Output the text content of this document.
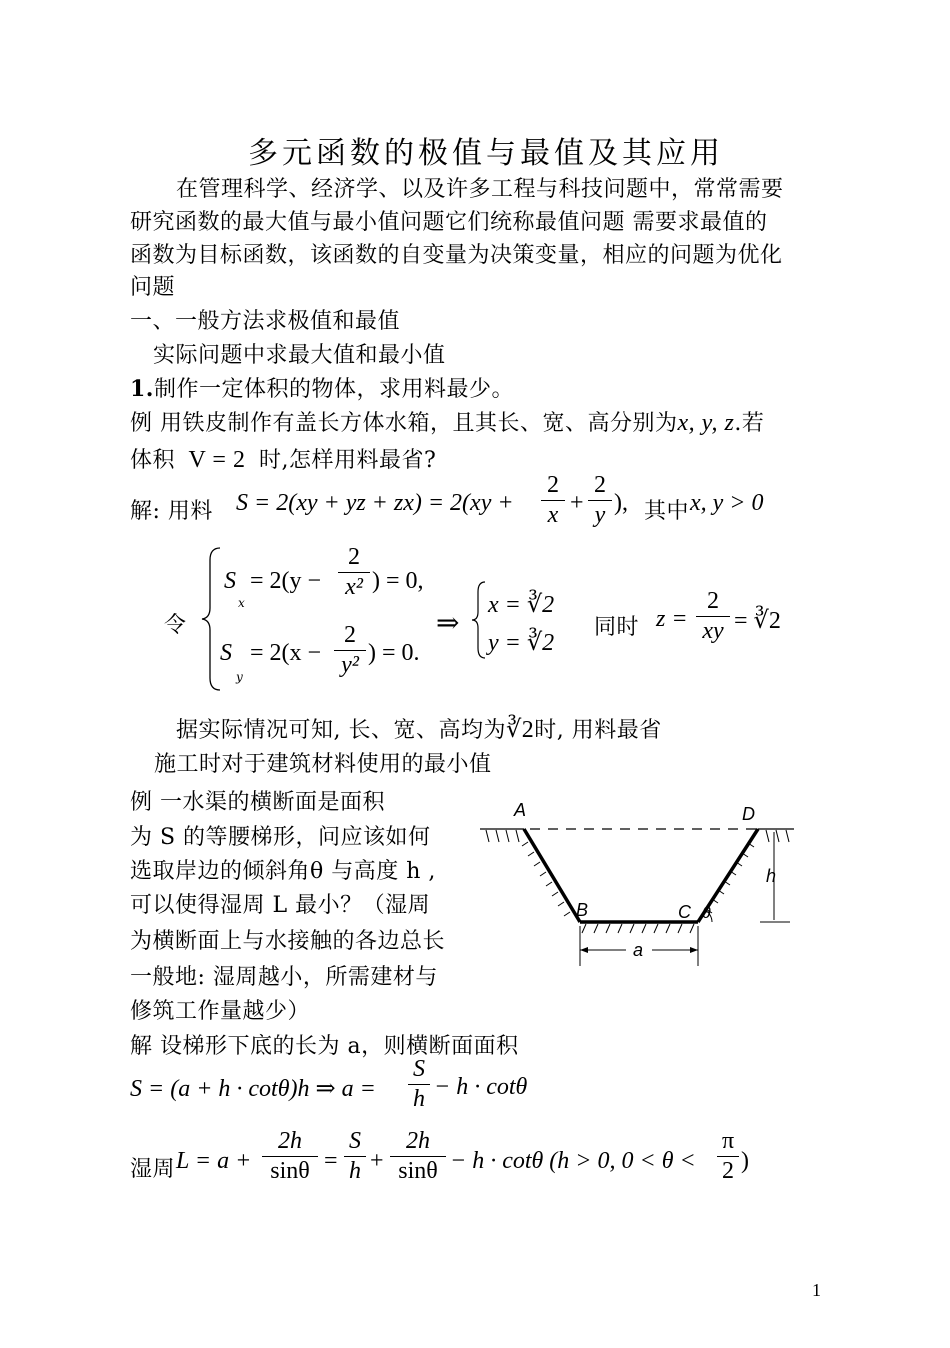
多元函数的极值与最值及其应用
在管理科学、经济学、以及许多工程与科技问题中，常常需要
研究函数的最大值与最小值问题它们统称最值问题 需要求最值的
函数为目标函数，该函数的自变量为决策变量，相应的问题为优化
问题
一、一般方法求极值和最值
实际问题中求最大值和最小值
1.制作一定体积的物体，求用料最少。
例 用铁皮制作有盖长方体水箱，且其长、宽、高分别为x, y, z.若
体积 V = 2 时,怎样用料最省?
解: 用料 S = 2(xy + yz + zx) = 2(xy +
2
x +
2
y ), 其中 x, y > 0
令
S
x
= 2(y −
2
x² ) = 0,
S
y
= 2(x −
2
y² ) = 0.
⇒
x = ∛2
y = ∛2
同时 z =
2
xy = ∛2
据实际情况可知, 长、宽、高均为∛2时, 用料最省
施工时对于建筑材料使用的最小值
例 一水渠的横断面是面积
为 S 的等腰梯形，问应该如何
选取岸边的倾斜角θ 与高度 h ,
可以使得湿周 L 最小？（湿周
为横断面上与水接触的各边总长
一般地: 湿周越小，所需建材与
修筑工作量越少）
A	D
B	C θ
h
a
解 设梯形下底的长为 a，则横断面面积
S = (a + h · cotθ)h ⇒ a =
S
h − h · cotθ
湿周 L = a +
2h
sinθ =
S
h +
2h
sinθ − h · cotθ (h > 0, 0 < θ <
π
2 )
1
